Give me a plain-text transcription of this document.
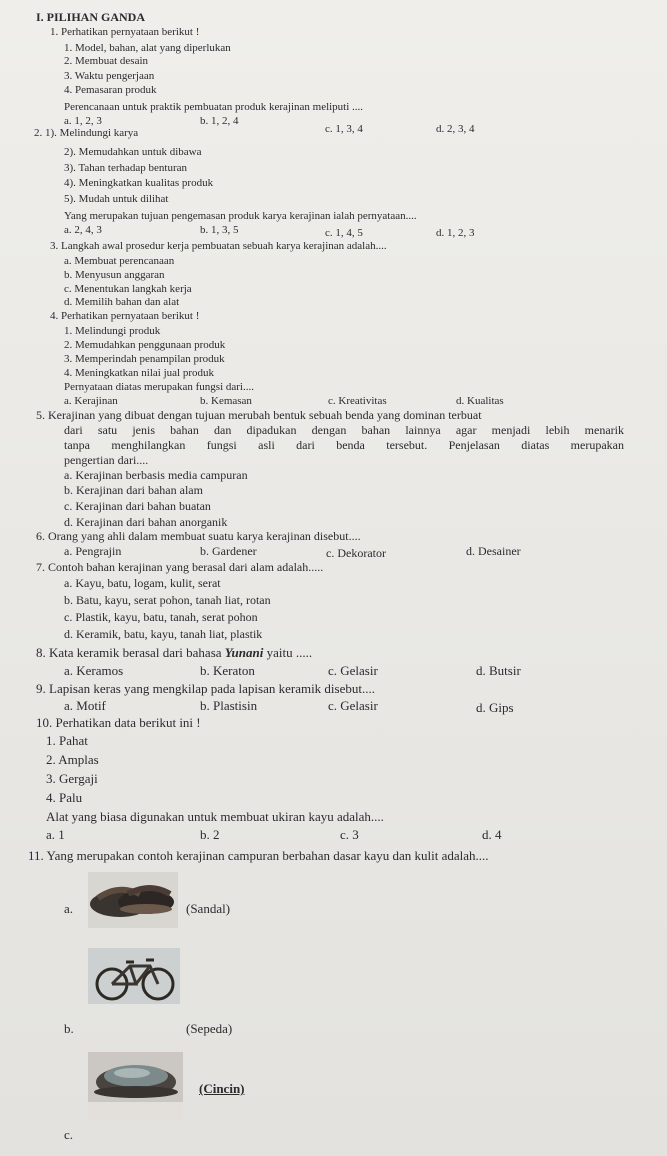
I. PILIHAN GANDA
1. Perhatikan pernyataan berikut !
1. Model, bahan, alat yang diperlukan
2. Membuat desain
3. Waktu pengerjaan
4. Pemasaran produk
Perencanaan untuk praktik pembuatan produk kerajinan meliputi ....
a. 1, 2, 3	b. 1, 2, 4
c. 1, 3, 4	d. 2, 3, 4
2. 1). Melindungi karya
2). Memudahkan untuk dibawa
3). Tahan terhadap benturan
4). Meningkatkan kualitas produk
5). Mudah untuk dilihat
Yang merupakan tujuan pengemasan produk karya kerajinan ialah pernyataan....
a. 2, 4, 3	b. 1, 3, 5	c. 1, 4, 5	d. 1, 2, 3
3. Langkah awal prosedur kerja pembuatan sebuah karya kerajinan adalah....
a. Membuat perencanaan
b. Menyusun anggaran
c. Menentukan langkah kerja
d. Memilih bahan dan alat
4. Perhatikan pernyataan berikut !
1. Melindungi produk
2. Memudahkan penggunaan produk
3. Memperindah penampilan produk
4. Meningkatkan nilai jual produk
Pernyataan diatas merupakan fungsi dari....
a. Kerajinan	b. Kemasan	c. Kreativitas	d. Kualitas
5. Kerajinan yang dibuat dengan tujuan merubah bentuk sebuah benda yang dominan terbuat
dari satu jenis bahan dan dipadukan dengan bahan lainnya agar menjadi lebih menarik
tanpa menghilangkan fungsi asli dari benda tersebut. Penjelasan diatas merupakan
pengertian dari....
a. Kerajinan berbasis media campuran
b. Kerajinan dari bahan alam
c. Kerajinan dari bahan buatan
d. Kerajinan dari bahan anorganik
6. Orang yang ahli dalam membuat suatu karya kerajinan disebut....
a. Pengrajin	b. Gardener	c. Dekorator	d. Desainer
7. Contoh bahan kerajinan yang berasal dari alam adalah.....
a. Kayu, batu, logam, kulit, serat
b. Batu, kayu, serat pohon, tanah liat, rotan
c. Plastik, kayu, batu, tanah, serat pohon
d. Keramik, batu, kayu, tanah liat, plastik
8. Kata keramik berasal dari bahasa Yunani yaitu .....
a. Keramos	b. Keraton	c. Gelasir	d. Butsir
9. Lapisan keras yang mengkilap pada lapisan keramik disebut....
a. Motif	b. Plastisin	c. Gelasir	d. Gips
10. Perhatikan data berikut ini !
1. Pahat
2. Amplas
3. Gergaji
4. Palu
Alat yang biasa digunakan untuk membuat ukiran kayu adalah....
a. 1	b. 2	c. 3	d. 4
11. Yang merupakan contoh kerajinan campuran berbahan dasar kayu dan kulit adalah....
a.	(Sandal)
b.	(Sepeda)
(Cincin)
c.
